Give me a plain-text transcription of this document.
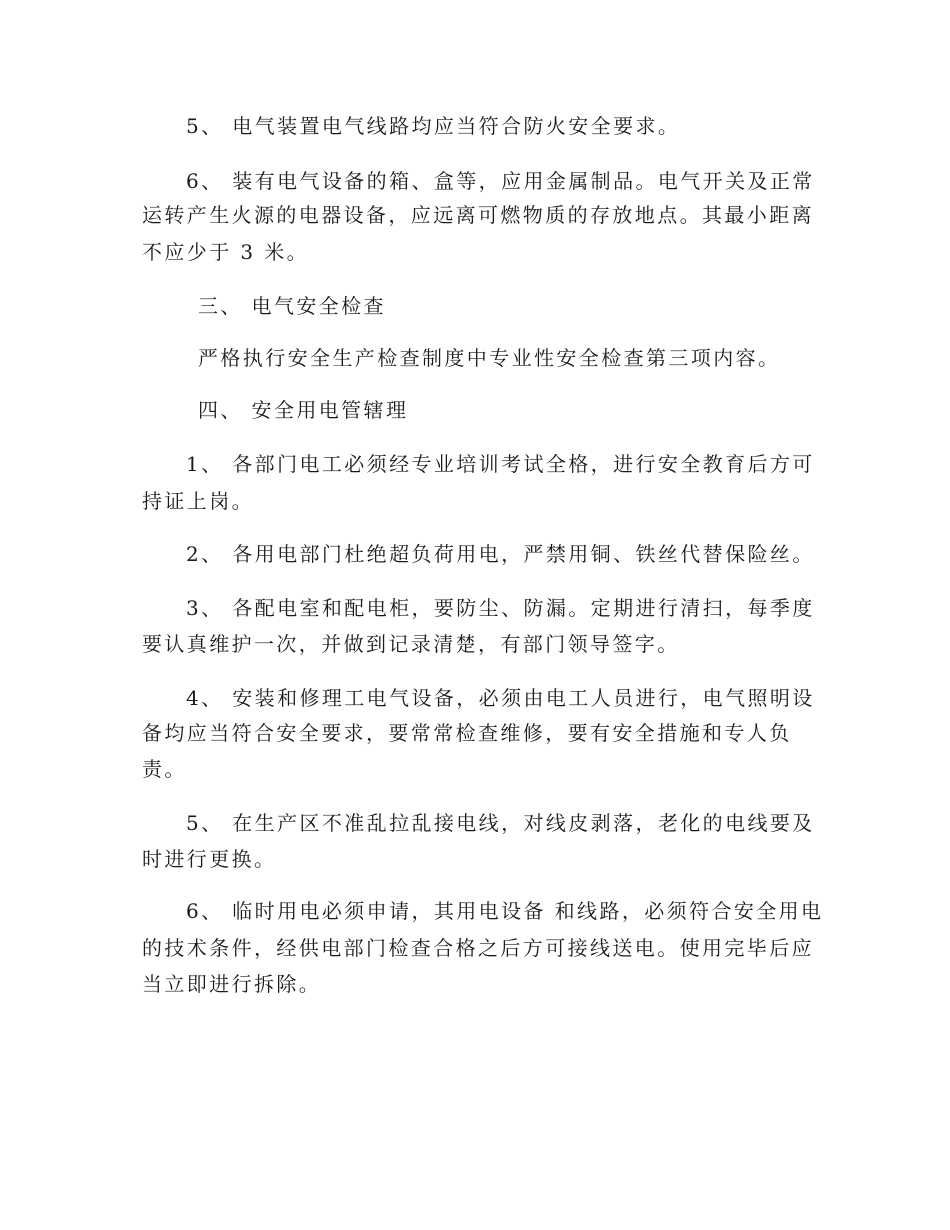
5、 电气装置电气线路均应当符合防火安全要求。

6、 装有电气设备的箱、盒等，应用金属制品。电气开关及正常

运转产生火源的电器设备，应远离可燃物质的存放地点。其最小距离

不应少于 3 米。

三、 电气安全检查

严格执行安全生产检查制度中专业性安全检查第三项内容。

四、 安全用电管辖理

1、 各部门电工必须经专业培训考试全格，进行安全教育后方可

持证上岗。

2、 各用电部门杜绝超负荷用电，严禁用铜、铁丝代替保险丝。

3、 各配电室和配电柜，要防尘、防漏。定期进行清扫，每季度

要认真维护一次，并做到记录清楚，有部门领导签字。

4、 安装和修理工电气设备，必须由电工人员进行，电气照明设

备均应当符合安全要求，要常常检查维修，要有安全措施和专人负

责。

5、 在生产区不准乱拉乱接电线，对线皮剥落，老化的电线要及

时进行更换。

6、 临时用电必须申请，其用电设备 和线路，必须符合安全用电

的技术条件，经供电部门检查合格之后方可接线送电。使用完毕后应

当立即进行拆除。
